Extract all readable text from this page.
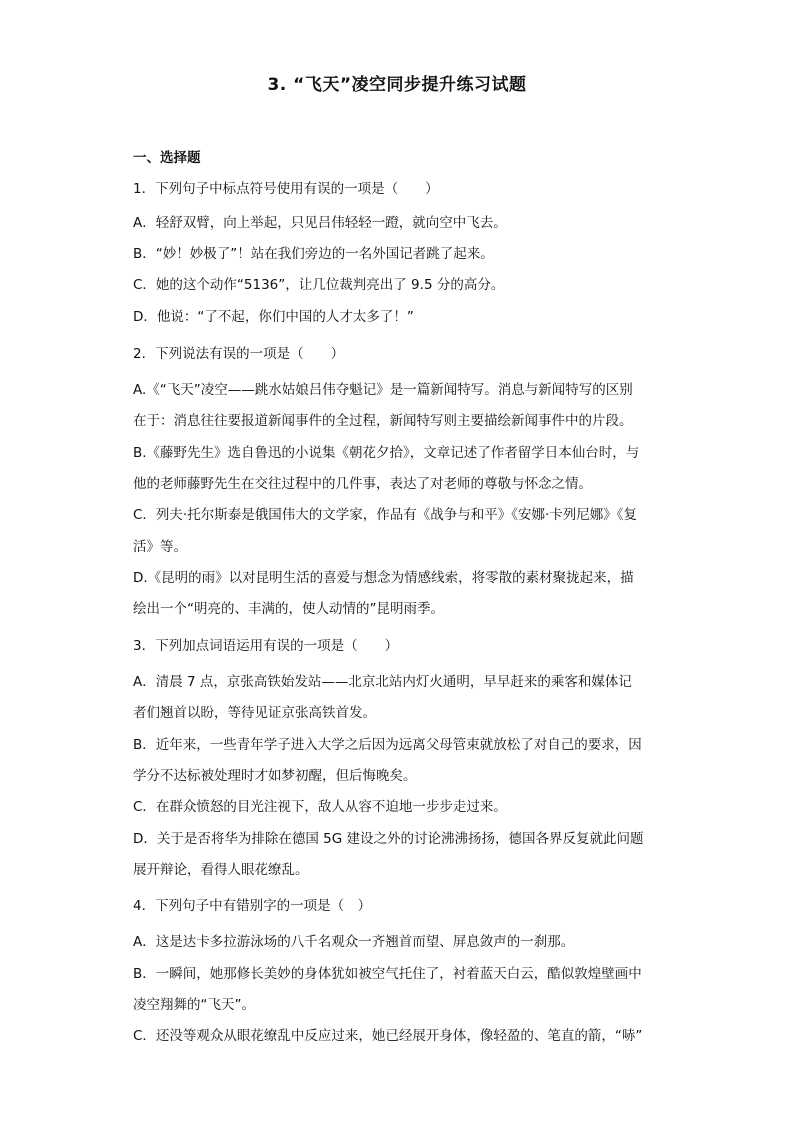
3. “飞天”凌空同步提升练习试题
一、选择题
1．下列句子中标点符号使用有误的一项是（　　）
A．轻舒双臂，向上举起，只见吕伟轻轻一蹬，就向空中飞去。
B．“妙！妙极了”！站在我们旁边的一名外国记者跳了起来。
C．她的这个动作“5136”，让几位裁判亮出了 9.5 分的高分。
D．他说：“了不起，你们中国的人才太多了！”
2．下列说法有误的一项是（　　）
A.《“飞天”凌空——跳水姑娘吕伟夺魁记》是一篇新闻特写。消息与新闻特写的区别
在于：消息往往要报道新闻事件的全过程，新闻特写则主要描绘新闻事件中的片段。
B.《藤野先生》选自鲁迅的小说集《朝花夕拾》，文章记述了作者留学日本仙台时，与
他的老师藤野先生在交往过程中的几件事，表达了对老师的尊敬与怀念之情。
C．列夫·托尔斯泰是俄国伟大的文学家，作品有《战争与和平》《安娜·卡列尼娜》《复
活》等。
D.《昆明的雨》以对昆明生活的喜爱与想念为情感线索，将零散的素材聚拢起来，描
绘出一个“明亮的、丰满的，使人动情的”昆明雨季。
3．下列加点词语运用有误的一项是（　　）
A．清晨 7 点，京张高铁始发站——北京北站内灯火通明，早早赶来的乘客和媒体记
者们翘首以盼，等待见证京张高铁首发。
B．近年来，一些青年学子进入大学之后因为远离父母管束就放松了对自己的要求，因
学分不达标被处理时才如梦初醒，但后悔晚矣。
C．在群众愤怒的目光注视下，敌人从容不迫地一步步走过来。
D．关于是否将华为排除在德国 5G 建设之外的讨论沸沸扬扬，德国各界反复就此问题
展开辩论，看得人眼花缭乱。
4．下列句子中有错别字的一项是（　）
A．这是达卡多拉游泳场的八千名观众一齐翘首而望、屏息敛声的一刹那。
B．一瞬间，她那修长美妙的身体犹如被空气托住了，衬着蓝天白云，酷似敦煌壁画中
凌空翔舞的“飞天”。
C．还没等观众从眼花缭乱中反应过来，她已经展开身体，像轻盈的、笔直的箭，“哧”
